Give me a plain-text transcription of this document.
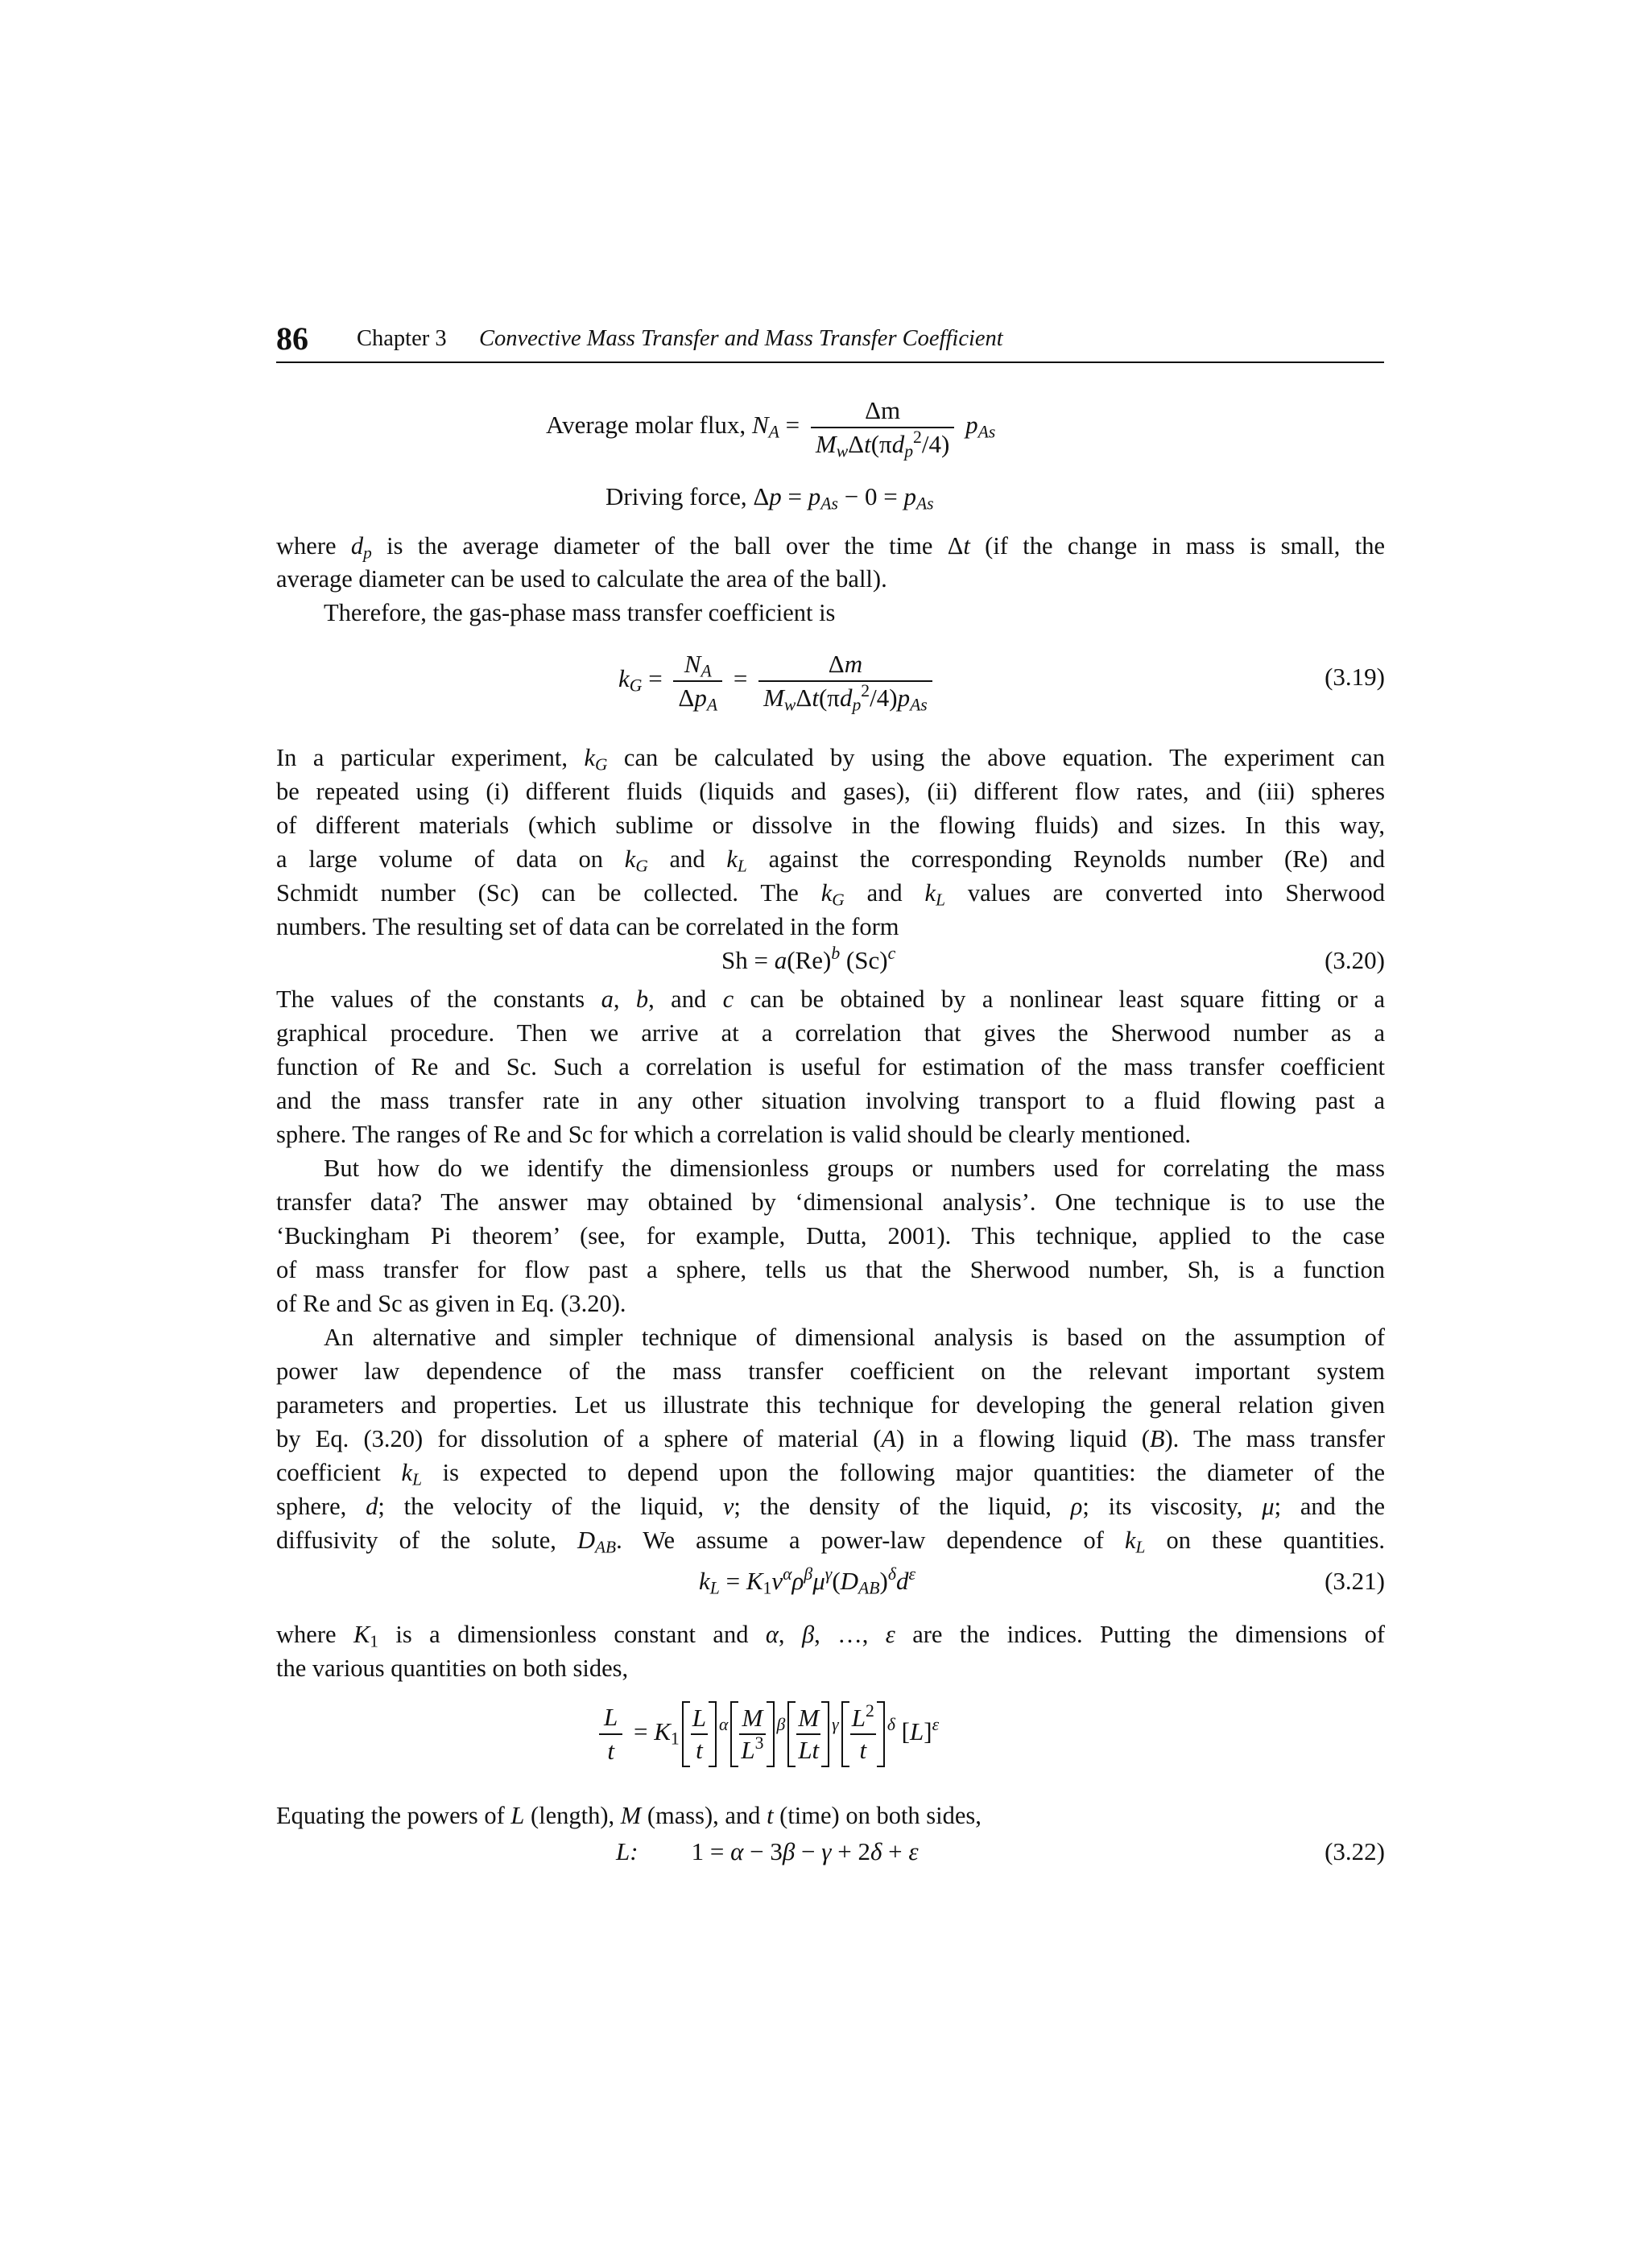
86 Chapter 3 Convective Mass Transfer and Mass Transfer Coefficient
Average molar flux, $N_A = \frac{\Delta m}{M_w\Delta t(\pi d_p^2/4)} p_{As}$
Driving force, $\Delta p = p_{As} - 0 = p_{As}$
where $d_p$ is the average diameter of the ball over the time Δt (if the change in mass is small, the
average diameter can be used to calculate the area of the ball).
Therefore, the gas-phase mass transfer coefficient is
$k_G = \frac{N_A}{\Delta p_A} = \frac{\Delta m}{M_w\Delta t(\pi d_p^2/4)p_{As}}$	(3.19)
In a particular experiment, $k_G$ can be calculated by using the above equation. The experiment can
be repeated using (i) different fluids (liquids and gases), (ii) different flow rates, and (iii) spheres
of different materials (which sublime or dissolve in the flowing fluids) and sizes. In this way,
a large volume of data on $k_G$ and $k_L$ against the corresponding Reynolds number (Re) and
Schmidt number (Sc) can be collected. The $k_G$ and $k_L$ values are converted into Sherwood
numbers. The resulting set of data can be correlated in the form
$Sh = a(Re)^b$ $(Sc)^c$	(3.20)
The values of the constants a, b, and c can be obtained by a nonlinear least square fitting or a
graphical procedure. Then we arrive at a correlation that gives the Sherwood number as a
function of Re and Sc. Such a correlation is useful for estimation of the mass transfer coefficient
and the mass transfer rate in any other situation involving transport to a fluid flowing past a
sphere. The ranges of Re and Sc for which a correlation is valid should be clearly mentioned.
But how do we identify the dimensionless groups or numbers used for correlating the mass
transfer data? The answer may obtained by ‘dimensional analysis’. One technique is to use the
‘Buckingham Pi theorem’ (see, for example, Dutta, 2001). This technique, applied to the case
of mass transfer for flow past a sphere, tells us that the Sherwood number, Sh, is a function
of Re and Sc as given in Eq. (3.20).
An alternative and simpler technique of dimensional analysis is based on the assumption of
power law dependence of the mass transfer coefficient on the relevant important system
parameters and properties. Let us illustrate this technique for developing the general relation given
by Eq. (3.20) for dissolution of a sphere of material (A) in a flowing liquid (B). The mass transfer
coefficient $k_L$ is expected to depend upon the following major quantities: the diameter of the
sphere, d; the velocity of the liquid, v; the density of the liquid, ρ; its viscosity, μ; and the
diffusivity of the solute, $D_{AB}$. We assume a power-law dependence of $k_L$ on these quantities.
$k_L = K_1v^\alpha\rho^\beta\mu^\gamma(D_{AB})^\delta d^\varepsilon$	(3.21)
where $K_1$ is a dimensionless constant and α, β, …, ε are the indices. Putting the dimensions of
the various quantities on both sides,
$\frac{L}{t} = K_1 \frac{L}{t} ^\alpha \frac{M}{L^3} ^\beta \frac{M}{Lt} ^\gamma \frac{L^2}{t} ^\delta$ $[L]^\varepsilon$
Equating the powers of L (length), M (mass), and t (time) on both sides,
L: 1 = α − 3β − γ + 2δ + ε	(3.22)
